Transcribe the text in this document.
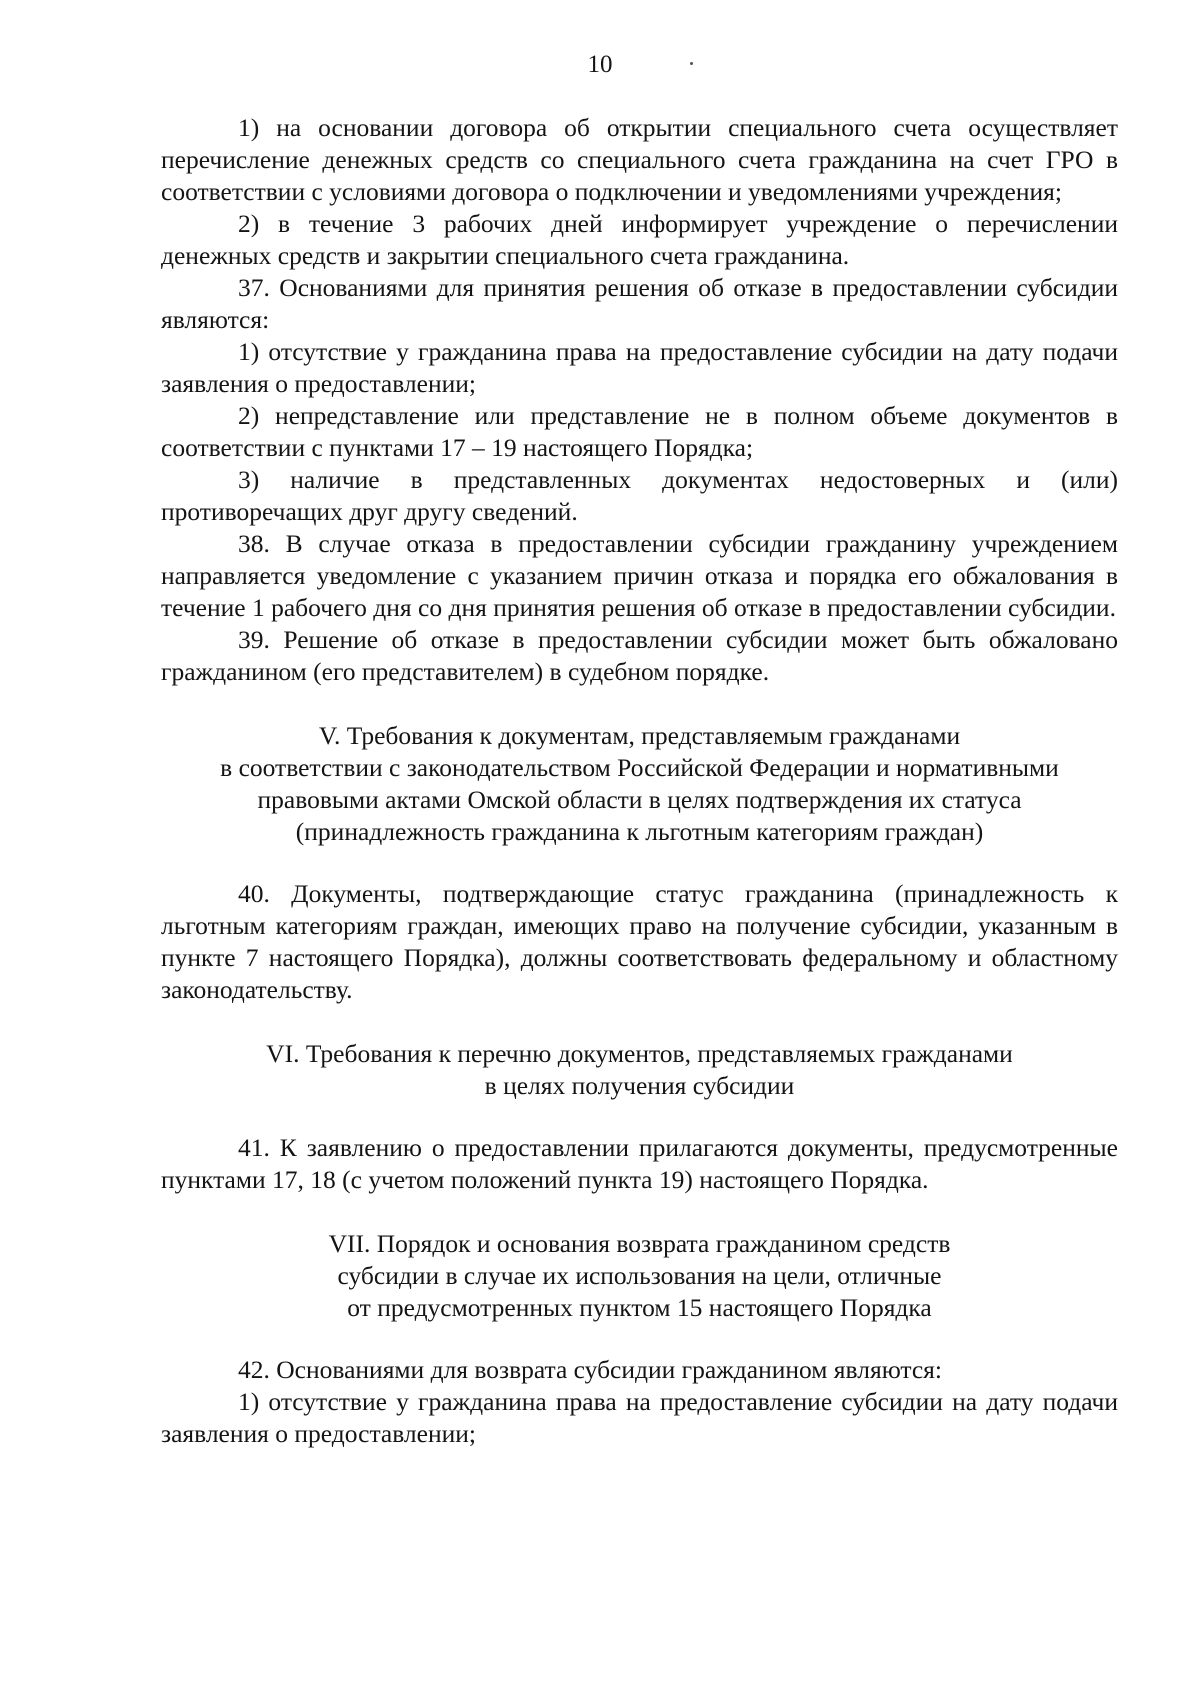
10

1) на основании договора об открытии специального счета осуществляет перечисление денежных средств со специального счета гражданина на счет ГРО в соответствии с условиями договора о подключении и уведомлениями учреждения;

2) в течение 3 рабочих дней информирует учреждение о перечислении денежных средств и закрытии специального счета гражданина.

37. Основаниями для принятия решения об отказе в предоставлении субсидии являются:

1) отсутствие у гражданина права на предоставление субсидии на дату подачи заявления о предоставлении;

2) непредставление или представление не в полном объеме документов в соответствии с пунктами 17 – 19 настоящего Порядка;

3) наличие в представленных документах недостоверных и (или) противоречащих друг другу сведений.

38. В случае отказа в предоставлении субсидии гражданину учреждением направляется уведомление с указанием причин отказа и порядка его обжалования в течение 1 рабочего дня со дня принятия решения об отказе в предоставлении субсидии.

39. Решение об отказе в предоставлении субсидии может быть обжаловано гражданином (его представителем) в судебном порядке.

V. Требования к документам, представляемым гражданами
в соответствии с законодательством Российской Федерации и нормативными
правовыми актами Омской области в целях подтверждения их статуса
(принадлежность гражданина к льготным категориям граждан)

40. Документы, подтверждающие статус гражданина (принадлежность к льготным категориям граждан, имеющих право на получение субсидии, указанным в пункте 7 настоящего Порядка), должны соответствовать федеральному и областному законодательству.

VI. Требования к перечню документов, представляемых гражданами
в целях получения субсидии

41. К заявлению о предоставлении прилагаются документы, предусмотренные пунктами 17, 18 (с учетом положений пункта 19) настоящего Порядка.

VII. Порядок и основания возврата гражданином средств
субсидии в случае их использования на цели, отличные
от предусмотренных пунктом 15 настоящего Порядка

42. Основаниями для возврата субсидии гражданином являются:

1) отсутствие у гражданина права на предоставление субсидии на дату подачи заявления о предоставлении;
